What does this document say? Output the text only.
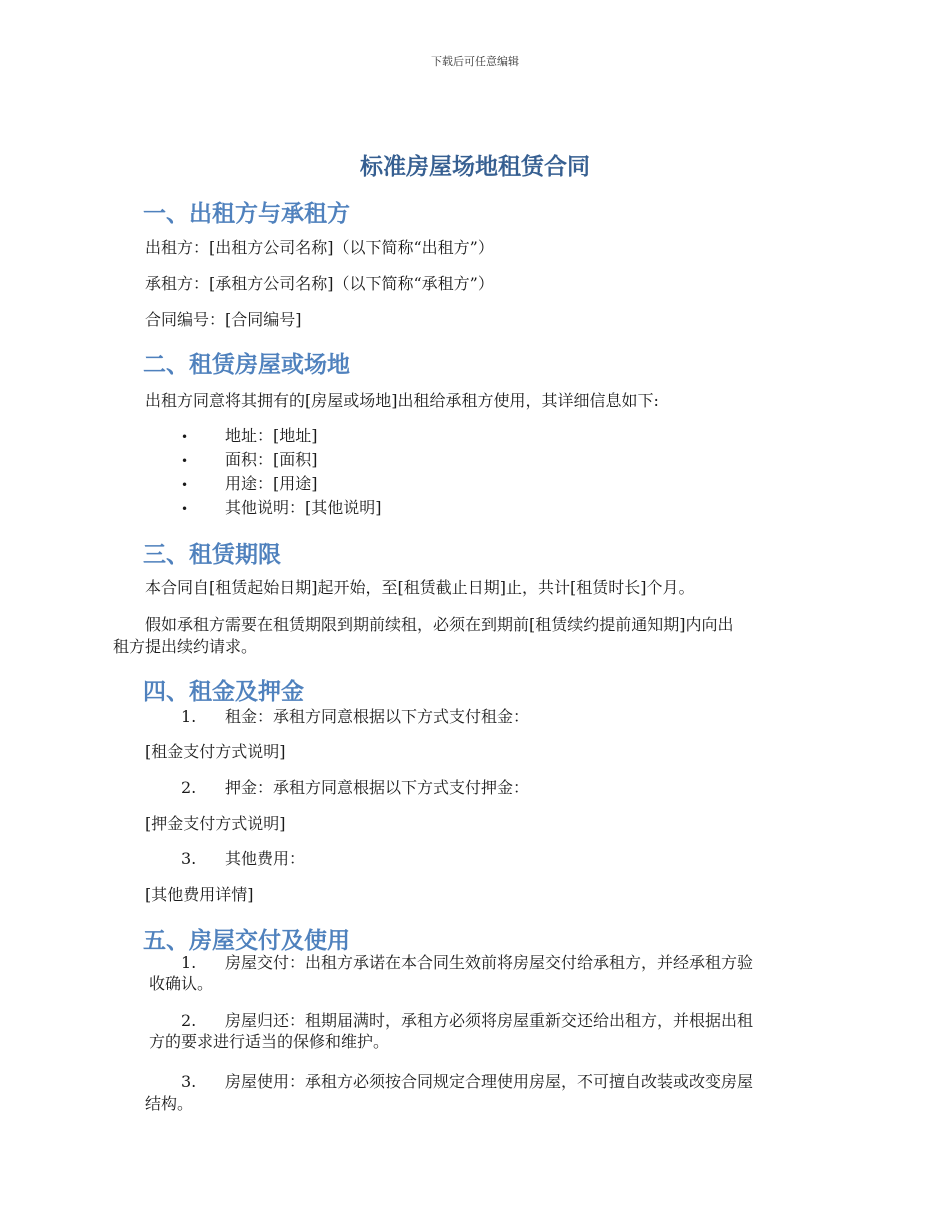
下载后可任意编辑
标准房屋场地租赁合同
一、出租方与承租方
出租方：[出租方公司名称]（以下简称“出租方”）
承租方：[承租方公司名称]（以下简称“承租方”）
合同编号：[合同编号]
二、租赁房屋或场地
出租方同意将其拥有的[房屋或场地]出租给承租方使用，其详细信息如下:
• 地址：[地址]
• 面积：[面积]
• 用途：[用途]
• 其他说明：[其他说明]
三、租赁期限
本合同自[租赁起始日期]起开始，至[租赁截止日期]止，共计[租赁时长]个月。
假如承租方需要在租赁期限到期前续租，必须在到期前[租赁续约提前通知期]内向出
租方提出续约请求。
四、租金及押金
1. 租金：承租方同意根据以下方式支付租金：
[租金支付方式说明]
2. 押金：承租方同意根据以下方式支付押金：
[押金支付方式说明]
3. 其他费用：
[其他费用详情]
五、房屋交付及使用
1. 房屋交付：出租方承诺在本合同生效前将房屋交付给承租方，并经承租方验
收确认。
2. 房屋归还：租期届满时，承租方必须将房屋重新交还给出租方，并根据出租
方的要求进行适当的保修和维护。
3. 房屋使用：承租方必须按合同规定合理使用房屋，不可擅自改装或改变房屋
结构。
